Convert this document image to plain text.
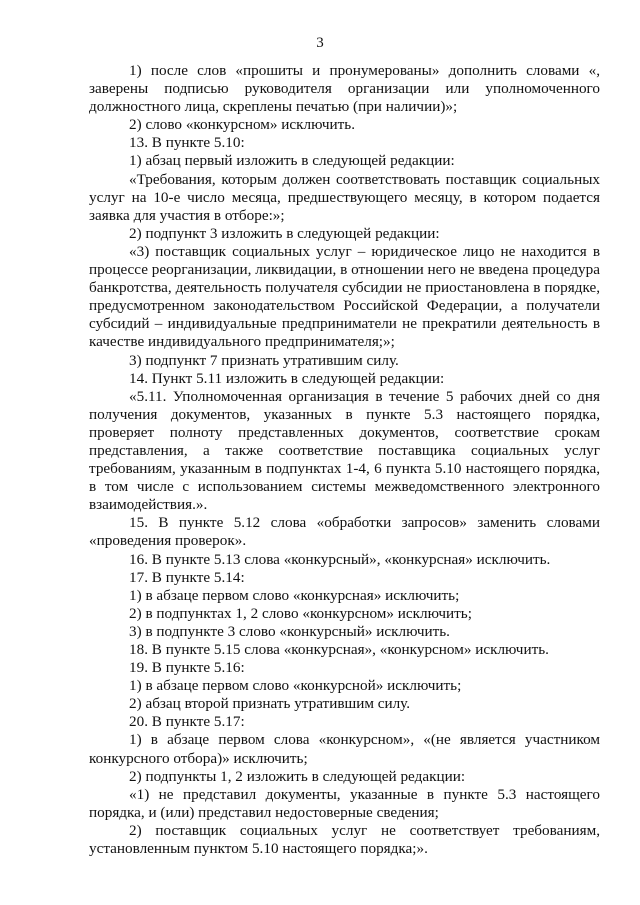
3

1) после слов «прошиты и пронумерованы» дополнить словами «, заверены подписью руководителя организации или уполномоченного должностного лица, скреплены печатью (при наличии)»;

2) слово «конкурсном» исключить.

13. В пункте 5.10:

1) абзац первый изложить в следующей редакции:

«Требования, которым должен соответствовать поставщик социальных услуг на 10-е число месяца, предшествующего месяцу, в котором подается заявка для участия в отборе:»;

2) подпункт 3 изложить в следующей редакции:

«3) поставщик социальных услуг – юридическое лицо не находится в процессе реорганизации, ликвидации, в отношении него не введена процедура банкротства, деятельность получателя субсидии не приостановлена в порядке, предусмотренном законодательством Российской Федерации, а получатели субсидий – индивидуальные предприниматели не прекратили деятельность в качестве индивидуального предпринимателя;»;

3) подпункт 7 признать утратившим силу.

14. Пункт 5.11 изложить в следующей редакции:

«5.11. Уполномоченная организация в течение 5 рабочих дней со дня получения документов, указанных в пункте 5.3 настоящего порядка, проверяет полноту представленных документов, соответствие срокам представления, а также соответствие поставщика социальных услуг требованиям, указанным в подпунктах 1-4, 6 пункта 5.10 настоящего порядка, в том числе с использованием системы межведомственного электронного взаимодействия.».

15. В пункте 5.12 слова «обработки запросов» заменить словами «проведения проверок».

16. В пункте 5.13 слова «конкурсный», «конкурсная» исключить.

17. В пункте 5.14:

1) в абзаце первом слово «конкурсная» исключить;

2) в подпунктах 1, 2 слово «конкурсном» исключить;

3) в подпункте 3 слово «конкурсный» исключить.

18. В пункте 5.15 слова «конкурсная», «конкурсном» исключить.

19. В пункте 5.16:

1) в абзаце первом слово «конкурсной» исключить;

2) абзац второй признать утратившим силу.

20. В пункте 5.17:

1) в абзаце первом слова «конкурсном», «(не является участником конкурсного отбора)» исключить;

2) подпункты 1, 2 изложить в следующей редакции:

«1) не представил документы, указанные в пункте 5.3 настоящего порядка, и (или) представил недостоверные сведения;

2) поставщик социальных услуг не соответствует требованиям, установленным пунктом 5.10 настоящего порядка;».
